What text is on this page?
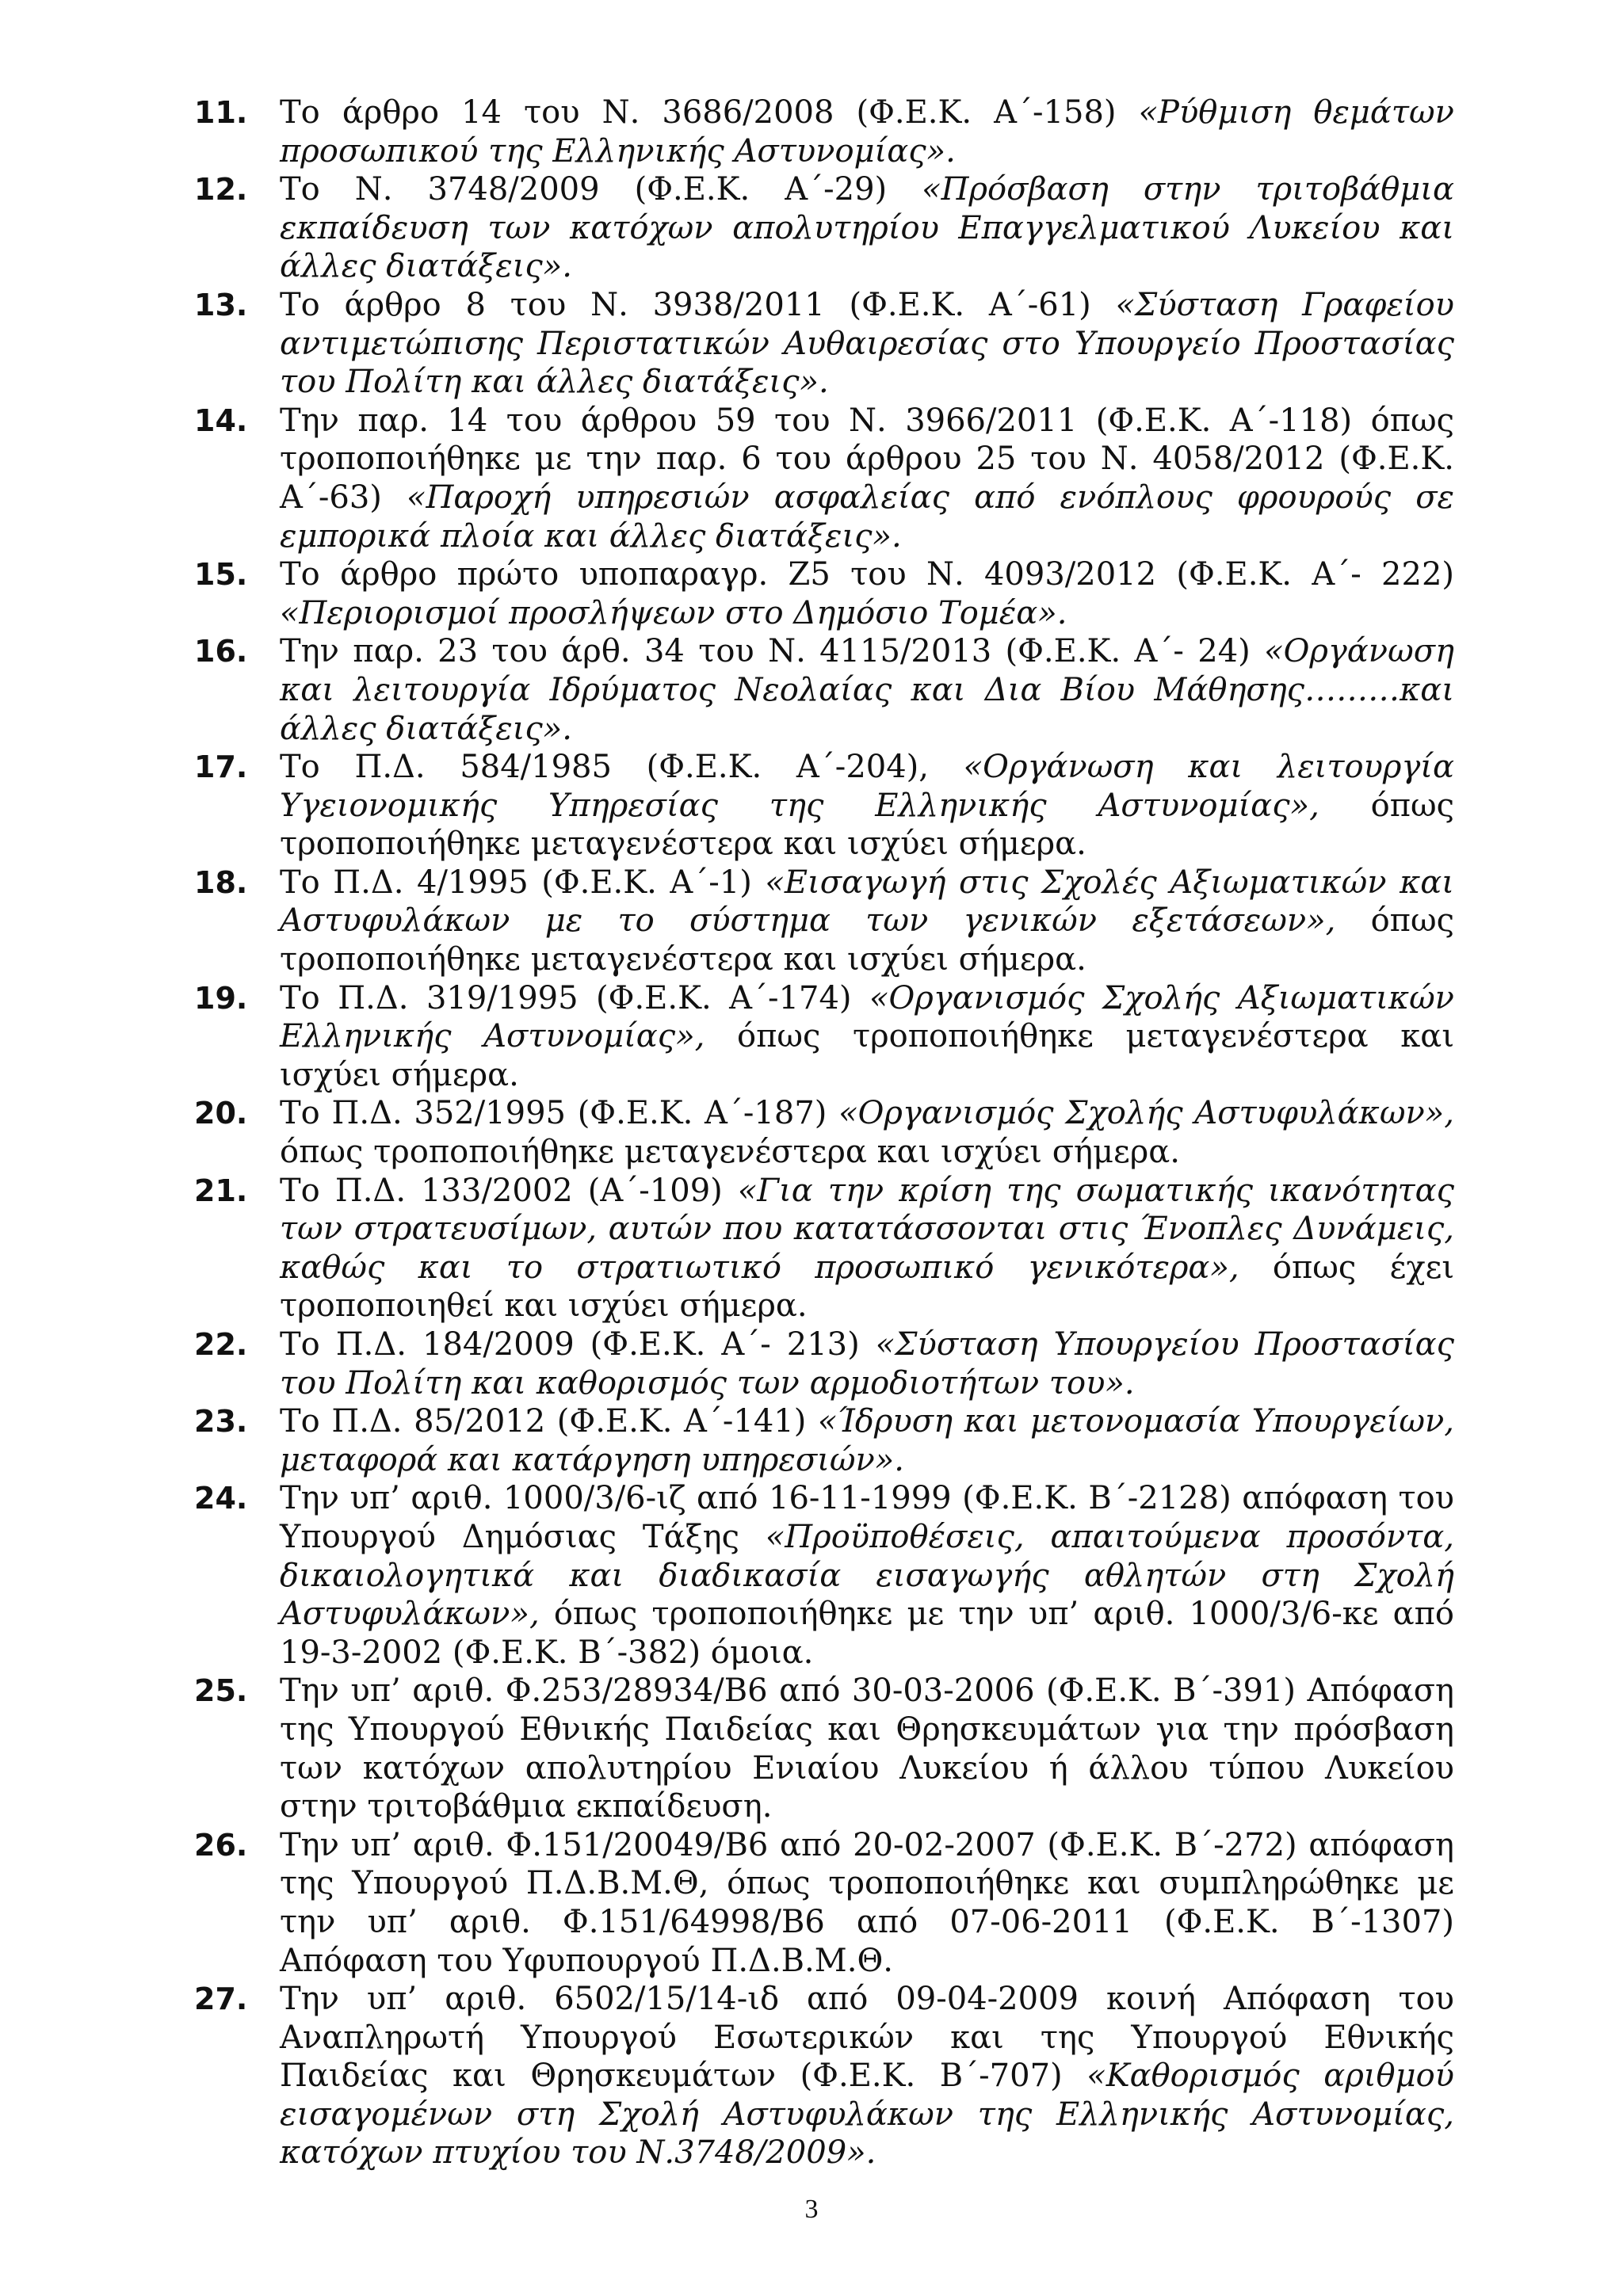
11.	Το άρθρο 14 του Ν. 3686/2008 (Φ.Ε.Κ. Α΄-158) «Ρύθμιση θεμάτων προσωπικού της Ελληνικής Αστυνομίας».
12.	Το Ν. 3748/2009 (Φ.Ε.Κ. Α΄-29) «Πρόσβαση στην τριτοβάθμια εκπαίδευση των κατόχων απολυτηρίου Επαγγελματικού Λυκείου και άλλες διατάξεις».
13.	Το άρθρο 8 του Ν. 3938/2011 (Φ.Ε.Κ. Α΄-61) «Σύσταση Γραφείου αντιμετώπισης Περιστατικών Αυθαιρεσίας στο Υπουργείο Προστασίας του Πολίτη και άλλες διατάξεις».
14.	Την παρ. 14 του άρθρου 59 του Ν. 3966/2011 (Φ.Ε.Κ. Α΄-118) όπως τροποποιήθηκε με την παρ. 6 του άρθρου 25 του Ν. 4058/2012 (Φ.Ε.Κ. Α΄-63) «Παροχή υπηρεσιών ασφαλείας από ενόπλους φρουρούς σε εμπορικά πλοία και άλλες διατάξεις».
15.	Το άρθρο πρώτο υποπαραγρ. Ζ5 του Ν. 4093/2012 (Φ.Ε.Κ. Α΄- 222) «Περιορισμοί προσλήψεων στο Δημόσιο Τομέα».
16.	Την παρ. 23 του άρθ. 34 του Ν. 4115/2013 (Φ.Ε.Κ. Α΄- 24) «Οργάνωση και λειτουργία Ιδρύματος Νεολαίας και Δια Βίου Μάθησης………και άλλες διατάξεις».
17.	Το Π.Δ. 584/1985 (Φ.Ε.Κ. Α΄-204), «Οργάνωση και λειτουργία Υγειονομικής Υπηρεσίας της Ελληνικής Αστυνομίας», όπως τροποποιήθηκε μεταγενέστερα και ισχύει σήμερα.
18.	Το Π.Δ. 4/1995 (Φ.Ε.Κ. Α΄-1) «Εισαγωγή στις Σχολές Αξιωματικών και Αστυφυλάκων με το σύστημα των γενικών εξετάσεων», όπως τροποποιήθηκε μεταγενέστερα και ισχύει σήμερα.
19.	Το Π.Δ. 319/1995 (Φ.Ε.Κ. Α΄-174) «Οργανισμός Σχολής Αξιωματικών Ελληνικής Αστυνομίας», όπως τροποποιήθηκε μεταγενέστερα και ισχύει σήμερα.
20.	Το Π.Δ. 352/1995 (Φ.Ε.Κ. Α΄-187) «Οργανισμός Σχολής Αστυφυλάκων», όπως τροποποιήθηκε μεταγενέστερα και ισχύει σήμερα.
21.	Το Π.Δ. 133/2002 (Α΄-109) «Για την κρίση της σωματικής ικανότητας των στρατευσίμων, αυτών που κατατάσσονται στις Ένοπλες Δυνάμεις, καθώς και το στρατιωτικό προσωπικό γενικότερα», όπως έχει τροποποιηθεί και ισχύει σήμερα.
22.	Το Π.Δ. 184/2009 (Φ.Ε.Κ. Α΄- 213) «Σύσταση Υπουργείου Προστασίας του Πολίτη και καθορισμός των αρμοδιοτήτων του».
23.	Το Π.Δ. 85/2012 (Φ.Ε.Κ. Α΄-141) «Ίδρυση και μετονομασία Υπουργείων, μεταφορά και κατάργηση υπηρεσιών».
24.	Την υπ’ αριθ. 1000/3/6-ιζ από 16-11-1999 (Φ.Ε.Κ. Β΄-2128) απόφαση του Υπουργού Δημόσιας Τάξης «Προϋποθέσεις, απαιτούμενα προσόντα, δικαιολογητικά και διαδικασία εισαγωγής αθλητών στη Σχολή Αστυφυλάκων», όπως τροποποιήθηκε με την υπ’ αριθ. 1000/3/6-κε από 19-3-2002 (Φ.Ε.Κ. Β΄-382) όμοια.
25.	Την υπ’ αριθ. Φ.253/28934/Β6 από 30-03-2006 (Φ.Ε.Κ. Β΄-391) Απόφαση της Υπουργού Εθνικής Παιδείας και Θρησκευμάτων για την πρόσβαση των κατόχων απολυτηρίου Ενιαίου Λυκείου ή άλλου τύπου Λυκείου στην τριτοβάθμια εκπαίδευση.
26.	Την υπ’ αριθ. Φ.151/20049/Β6 από 20-02-2007 (Φ.Ε.Κ. Β΄-272) απόφαση της Υπουργού Π.Δ.Β.Μ.Θ, όπως τροποποιήθηκε και συμπληρώθηκε με την υπ’ αριθ. Φ.151/64998/Β6 από 07-06-2011 (Φ.Ε.Κ. Β΄-1307) Απόφαση του Υφυπουργού Π.Δ.Β.Μ.Θ.
27.	Την υπ’ αριθ. 6502/15/14-ιδ από 09-04-2009 κοινή Απόφαση του Αναπληρωτή Υπουργού Εσωτερικών και της Υπουργού Εθνικής Παιδείας και Θρησκευμάτων (Φ.Ε.Κ. Β΄-707) «Καθορισμός αριθμού εισαγομένων στη Σχολή Αστυφυλάκων της Ελληνικής Αστυνομίας, κατόχων πτυχίου του Ν.3748/2009».
3
